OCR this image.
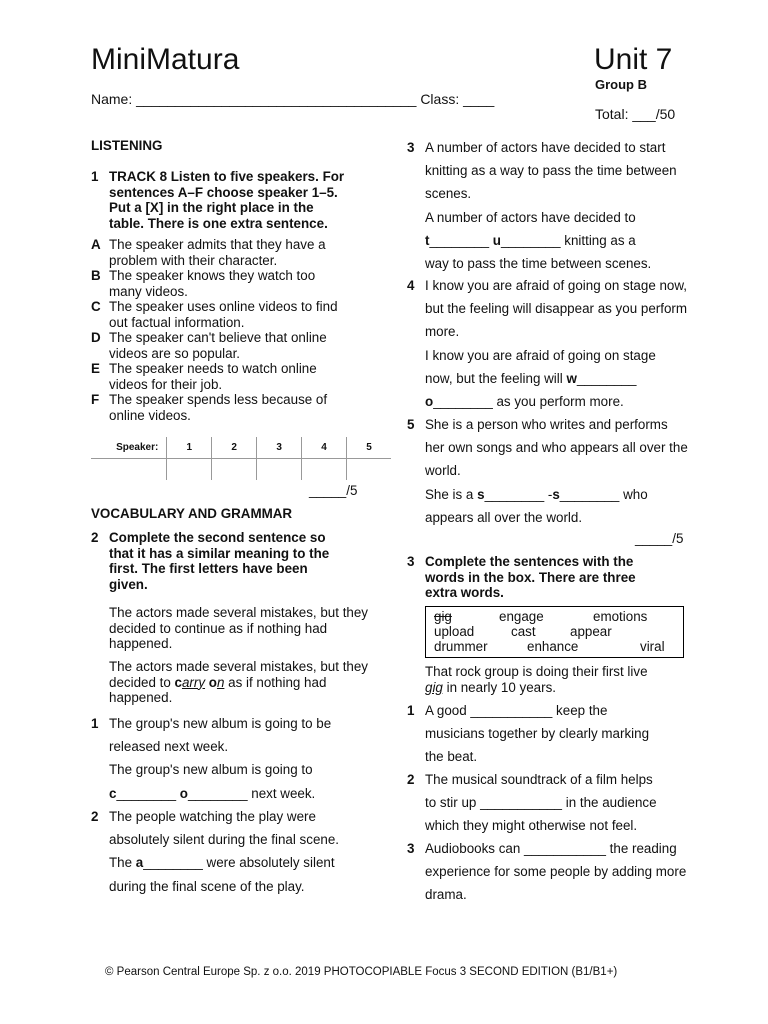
MiniMatura	Unit 7
Group B
Name: ____________________________________ Class: ____
Total: ___/50
LISTENING
1 TRACK 8 Listen to five speakers. For
sentences A–F choose speaker 1–5.
Put a [X] in the right place in the
table. There is one extra sentence.
A The speaker admits that they have a
problem with their character.
B The speaker knows they watch too
many videos.
C The speaker uses online videos to find
out factual information.
D The speaker can't believe that online
videos are so popular.
E The speaker needs to watch online
videos for their job.
F The speaker spends less because of
online videos.
Speaker:	1	2	3	4	5

_____/5
VOCABULARY AND GRAMMAR
2 Complete the second sentence so
that it has a similar meaning to the
first. The first letters have been
given.
The actors made several mistakes, but they
decided to continue as if nothing had
happened.
The actors made several mistakes, but they
decided to carry on as if nothing had
happened.
1 The group's new album is going to be
released next week.
The group's new album is going to
c________ o________ next week.
2 The people watching the play were
absolutely silent during the final scene.
The a________ were absolutely silent
during the final scene of the play.
3 A number of actors have decided to start
knitting as a way to pass the time between
scenes.
A number of actors have decided to
t________ u________ knitting as a
way to pass the time between scenes.
4 I know you are afraid of going on stage now,
but the feeling will disappear as you perform
more.
I know you are afraid of going on stage
now, but the feeling will w________
o________ as you perform more.
5 She is a person who writes and performs
her own songs and who appears all over the
world.
She is a s________ -s________ who
appears all over the world.
_____/5
3 Complete the sentences with the
words in the box. There are three
extra words.
gig	engage	emotions
upload	cast	appear
drummer	enhance	viral
That rock group is doing their first live
gig in nearly 10 years.
1 A good ___________ keep the
musicians together by clearly marking
the beat.
2 The musical soundtrack of a film helps
to stir up ___________ in the audience
which they might otherwise not feel.
3 Audiobooks can ___________ the reading
experience for some people by adding more
drama.
© Pearson Central Europe Sp. z o.o. 2019 PHOTOCOPIABLE Focus 3 SECOND EDITION (B1/B1+)
